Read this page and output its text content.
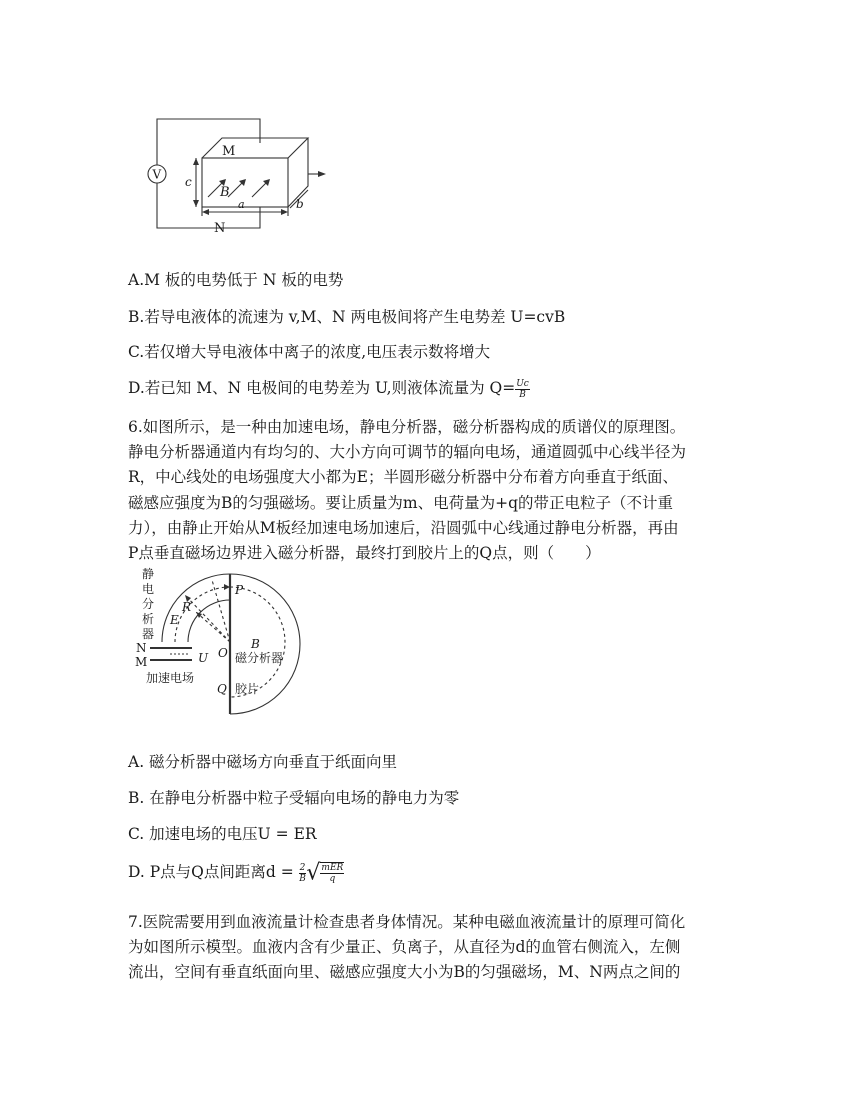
V
M
N
c
B
a	b
A.M 板的电势低于 N 板的电势
B.若导电液体的流速为 v,M、N 两电极间将产生电势差 U=cvB
C.若仅增大导电液体中离子的浓度,电压表示数将增大
D.若已知 M、N 电极间的电势差为 U,则液体流量为 $Q= \frac{Uc}{B}$
6.如图所示，是一种由加速电场，静电分析器，磁分析器构成的质谱仪的原理图。
静电分析器通道内有均匀的、大小方向可调节的辐向电场，通道圆弧中心线半径为
R，中心线处的电场强度大小都为E；半圆形磁分析器中分布着方向垂直于纸面、
磁感应强度为B的匀强磁场。要让质量为m、电荷量为+q的带正电粒子（不计重
力），由静止开始从M板经加速电场加速后，沿圆弧中心线通过静电分析器，再由
P点垂直磁场边界进入磁分析器，最终打到胶片上的Q点，则（　　）
静
电
分
析
器
P
R
E
B
O
N
M	U 磁分析器
加速电场
Q 胶片
A. 磁分析器中磁场方向垂直于纸面向里
B. 在静电分析器中粒子受辐向电场的静电力为零
C. 加速电场的电压U = ER
D. P点与Q点间距离$d = \frac{2}{B}$ √ $\frac{\text{mER}}{q}$
7.医院需要用到血液流量计检查患者身体情况。某种电磁血液流量计的原理可简化
为如图所示模型。血液内含有少量正、负离子，从直径为d的血管右侧流入，左侧
流出，空间有垂直纸面向里、磁感应强度大小为B的匀强磁场，M、N两点之间的
